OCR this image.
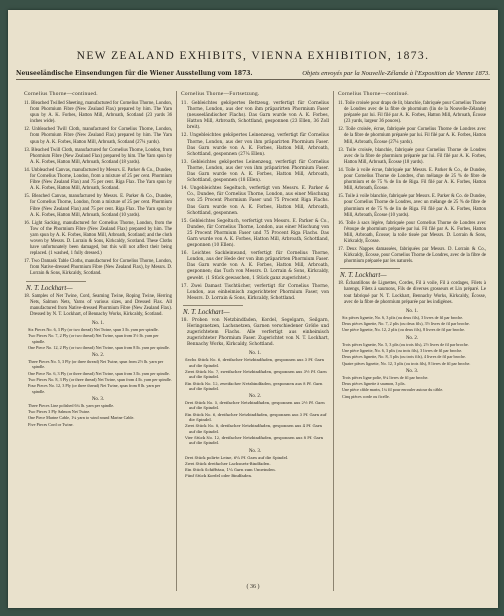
NEW ZEALAND EXHIBITS, VIENNA EXHIBITION, 1873.
Neuseeländische Einsendungen für die Wiener Ausstellung vom 1873.	Objets envoyés par la Nouvelle-Zélande à l'Exposition de Vienne 1873.
Cornelius Thorne—continued.

11. Bleached Twilled Sheeting, manufactured for Cornelius Thorne, London, from Phormium Fibre (New Zealand Flax) prepared by him. The Yarn spun by A. K. Forbes, Hatton Mill, Arbroath, Scotland (23 yards 36 inches wide).

12. Unbleached Twill Cloth, manufactured for Cornelius Thorne, London, from Phormium Fibre (New Zealand Flax) prepared by him. The Yarn spun by A. K. Forbes, Hatton Mill, Arbroath, Scotland (27¼ yards).

13. Bleached Twill Cloth, manufactured for Cornelius Thorne, London, from Phormium Fibre (New Zealand Flax) prepared by him. The Yarn spun by A. K. Forbes, Hatton Mill, Arbroath, Scotland (18 yards).

14. Unbleached Canvas, manufactured by Messrs. E. Parker & Co., Dundee, for Cornelius Thorne, London, from a mixture of 25 per cent. Phormium Fibre (New Zealand Flax) and 75 per cent. Riga Flax. The Yarn spun by A. K. Forbes, Hatton Mill, Arbroath, Scotland.

15. Bleached Canvas, manufactured by Messrs. E. Parker & Co., Dundee, for Cornelius Thorne, London, from a mixture of 25 per cent. Phormium Fibre (New Zealand Flax) and 75 per cent. Riga Flax. The Yarn spun by A. K. Forbes, Hatton Mill, Arbroath, Scotland (10 yards).

16. Light Sacking, manufactured for Cornelius Thorne, London, from the Tow of the Phormium Fibre (New Zealand Flax) prepared by him. The yarn spun by A. K. Forbes, Hatton Mill, Arbroath, Scotland; and the cloth woven by Messrs. D. Lorrain & Sons, Kirkcaldy, Scotland. These Cloths have unfortunately been damaged, but this will not affect their being replaced. (1 washed, 1 fully dressed.)

17. Two Damask Table Cloths, manufactured for Cornelius Thorne, London, from Native-dressed Phormium Fibre (New Zealand Flax), by Messrs. D. Lorrain & Sons, Kirkcaldy, Scotland.

N. T. Lockhart—

18. Samples of Net Twine, Cord, Seaming Twine, Roping Twine, Herring Nets, Salmon Nets, Yarns of various sizes, and Dressed Flax. All manufactured from Native-dressed Phormium Fibre (New Zealand Flax). Dressed by N. T. Lockhart, of Bennachy Works, Kirkcaldy, Scotland.

No. 1.

Six Pieces No. 6, 3 Ply (or two thread) Net Twine, spun 3 lb. yarn per spindle.

Two Pieces No. 7, 2 Ply (or two thread) Net Twine, spun from 3½ lb. yarn per spindle.

One Piece No. 12, 2 Ply (or two thread) Net Twine, spun from 8 lb. yarn per spindle.

No. 2.

Three Pieces No. 5, 3 Ply (or three thread) Net Twine, spun from 2½ lb. yarn per spindle.

One Piece No. 6, 3 Ply (or three thread) Net Twine, spun from 3 lb. yarn per spindle.

Two Pieces No. 8, 3 Ply (or three thread) Net Twine, spun from 4 lb. yarn per spindle.

Four Pieces No. 12, 3 Ply (or three thread) Net Twine, spun from 8 lb. yarn per spindle.

No. 3.

Three Pieces Line polished 6¼ lb. yarn per spindle.

Two Pieces 3 Ply Salmon Net Twine.

One Piece Marine Cable, 1¼ yarn to wind round Marine Cable.

Five Pieces Cord or Twine.

Cornelius Thorne—Fortsetzung.

11. Gebleichtes geköpertes Bettzeug, verfertigt für Cornelius Thorne, London, aus der von ihm präparirten Phormium Faser (neuseeländischer Flachs). Das Garn wurde von A. K. Forbes, Hatton Mill, Arbroath, Schottland, gesponnen (23 Ellen, 36 Zoll breit).

12. Ungebleichtes geköpertes Leinenzeug, verfertigt für Cornelius Thorne, London, aus der von ihm präparirten Phormium Faser. Das Garn wurde von A. K. Forbes, Hatton Mill, Arbroath, Schottland, gesponnen (27¼ Ellen).

13. Gebleichtes geköpertes Leinenzeug, verfertigt für Cornelius Thorne, London, aus der von ihm präparirten Phormium Faser. Das Garn wurde von A. K. Forbes, Hatton Mill, Arbroath, Schottland, gesponnen (18 Ellen).

14. Ungebleichtes Segeltuch, verfertigt von Messrs. E. Parker & Co., Dundee, für Cornelius Thorne, London, aus einer Mischung von 25 Procent Phormium Faser und 75 Procent Riga Flachs. Das Garn wurde von A. K. Forbes, Hatton Mill, Arbroath, Schottland, gesponnen.

15. Gebleichtes Segeltuch, verfertigt von Messrs. E. Parker & Co., Dundee, für Cornelius Thorne, London, aus einer Mischung von 25 Procent Phormium Faser und 75 Procent Riga Flachs. Das Garn wurde von A. K. Forbes, Hatton Mill, Arbroath, Schottland, gesponnen (10 Ellen).

16. Leichtes Sackleinwand, verfertigt für Cornelius Thorne, London, aus der Hede der von ihm präparirten Phormium Faser. Das Garn wurde von A. K. Forbes, Hatton Mill, Arbroath, gesponnen; das Tuch von Messrs. D. Lorrain & Sons, Kirkcaldy, gewebt. (1 Stück gewaschen, 1 Stück ganz zugerichtet.)

17. Zwei Damast Tischtücher, verfertigt für Cornelius Thorne, London, aus einheimisch zugerichteter Phormium Faser, von Messrs. D. Lorrain & Sons, Kirkcaldy, Schottland.

N. T. Lockhart—

18. Proben von Netzbindfaden, Kordel, Segelgarn, Seilgarn, Heringsnetzen, Lachsnetzen, Garnen verschiedener Größe und zugerichtetem Flachs. Alle verfertigt aus einheimisch zugerichteter Phormium Faser. Zugerichtet von N. T. Lockhart, Bennachy Works, Kirkcaldy, Schottland.

No. 1.

Sechs Stück No. 6, dreifacher Netzbindfaden, gesponnen aus 3 Pf. Garn auf die Spindel.

Zwei Stück No. 7, zweifacher Netzbindfaden, gesponnen aus 3½ Pf. Garn auf die Spindel.

Ein Stück No. 12, zweifacher Netzbindfaden, gesponnen aus 8 Pf. Garn auf die Spindel.

No. 2.

Drei Stück No. 5, dreifacher Netzbindfaden, gesponnen aus 2½ Pf. Garn auf die Spindel.

Ein Stück No. 6, dreifacher Netzbindfaden, gesponnen aus 3 Pf. Garn auf die Spindel.

Zwei Stück No. 8, dreifacher Netzbindfaden, gesponnen aus 4 Pf. Garn auf die Spindel.

Vier Stück No. 12, dreifacher Netzbindfaden, gesponnen aus 8 Pf. Garn auf die Spindel.

No. 3.

Drei Stück polirte Leine, 6¼ Pf. Garn auf die Spindel.

Zwei Stück dreifacher Lachsnetz-Bindfaden.

Ein Stück Schiffstau, 1¼ Garn zum Umwinden.

Fünf Stück Kordel oder Bindfaden.

Cornelius Thorne—continué.

11. Toile croisée pour draps de lit, blanchie, fabriquée pour Cornelius Thorne de Londres avec de la fibre de phormium (lin de la Nouvelle-Zélande) préparée par lui. Fil filé par A. K. Forbes, Hatton Mill, Arbroath, Écosse (23 yards, largeur 36 pouces).

12. Toile croisée, écrue, fabriquée pour Cornelius Thorne de Londres avec de la fibre de phormium préparée par lui. Fil filé par A. K. Forbes, Hatton Mill, Arbroath, Écosse (27¼ yards).

13. Toile croisée, blanchie, fabriquée pour Cornelius Thorne de Londres avec de la fibre de phormium préparée par lui. Fil filé par A. K. Forbes, Hatton Mill, Arbroath, Écosse (18 yards).

14. Toile à voile écrue, fabriquée par Messrs. E. Parker & Co., de Dundee, pour Cornelius Thorne de Londres, d'un mélange de 25 % de fibre de phormium et de 75 % de lin de Riga. Fil filé par A. K. Forbes, Hatton Mill, Arbroath, Écosse.

15. Toile à voile blanchie, fabriquée par Messrs. E. Parker & Co. de Dundee, pour Cornelius Thorne de Londres, avec un mélange de 25 % de fibre de phormium et de 75 % de lin de Riga. Fil filé par A. K. Forbes, Hatton Mill, Arbroath, Écosse (10 yards).

16. Toile à sacs légère, fabriquée pour Cornelius Thorne de Londres avec l'étoupe de phormium préparée par lui. Fil filé par A. K. Forbes, Hatton Mill, Arbroath, Écosse; la toile tissée par Messrs. D. Lorrain & Sons, Kirkcaldy, Écosse.

17. Deux Nappes damassées, fabriquées par Messrs. D. Lorrain & Co., Kirkcaldy, Écosse, pour Cornelius Thorne de Londres, avec de la fibre de phormium préparée par les naturels.

N. T. Lockhart—

18. Échantillons de Lignettes, Cordes, Fil à voile, Fil à cordages, Filets à harengs, Filets à saumons, Fils de diverses grosseurs et Lin préparé. Le tout fabriqué par N. T. Lockhart, Bennachy Works, Kirkcaldy, Écosse, avec de la fibre de phormium préparée par les indigènes.

No. 1.

Six pièces lignette, No. 6, 3 plis (ou deux fils), 3 livres de fil par broche.

Deux pièces lignette, No. 7, 2 plis (ou deux fils), 3½ livres de fil par broche.

Une pièce lignette, No. 12, 2 plis (ou deux fils), 8 livres de fil par broche.

No. 2.

Trois pièces lignette, No. 5, 3 plis (ou trois fils), 2½ livres de fil par broche.

Une pièce lignette, No. 6, 3 plis (ou trois fils), 3 livres de fil par broche.

Deux pièces lignette, No. 8, 3 plis (ou trois fils), 4 livres de fil par broche.

Quatre pièces lignette, No. 12, 3 plis (ou trois fils), 8 livres de fil par broche.

No. 3.

Trois pièces ligne polie, 6¼ livres de fil par broche.

Deux pièces lignette à saumon, 3 plis.

Une pièce câble marin, 1¼ fil pour enrouler autour du câble.

Cinq pièces corde ou ficelle.

( 36 )
